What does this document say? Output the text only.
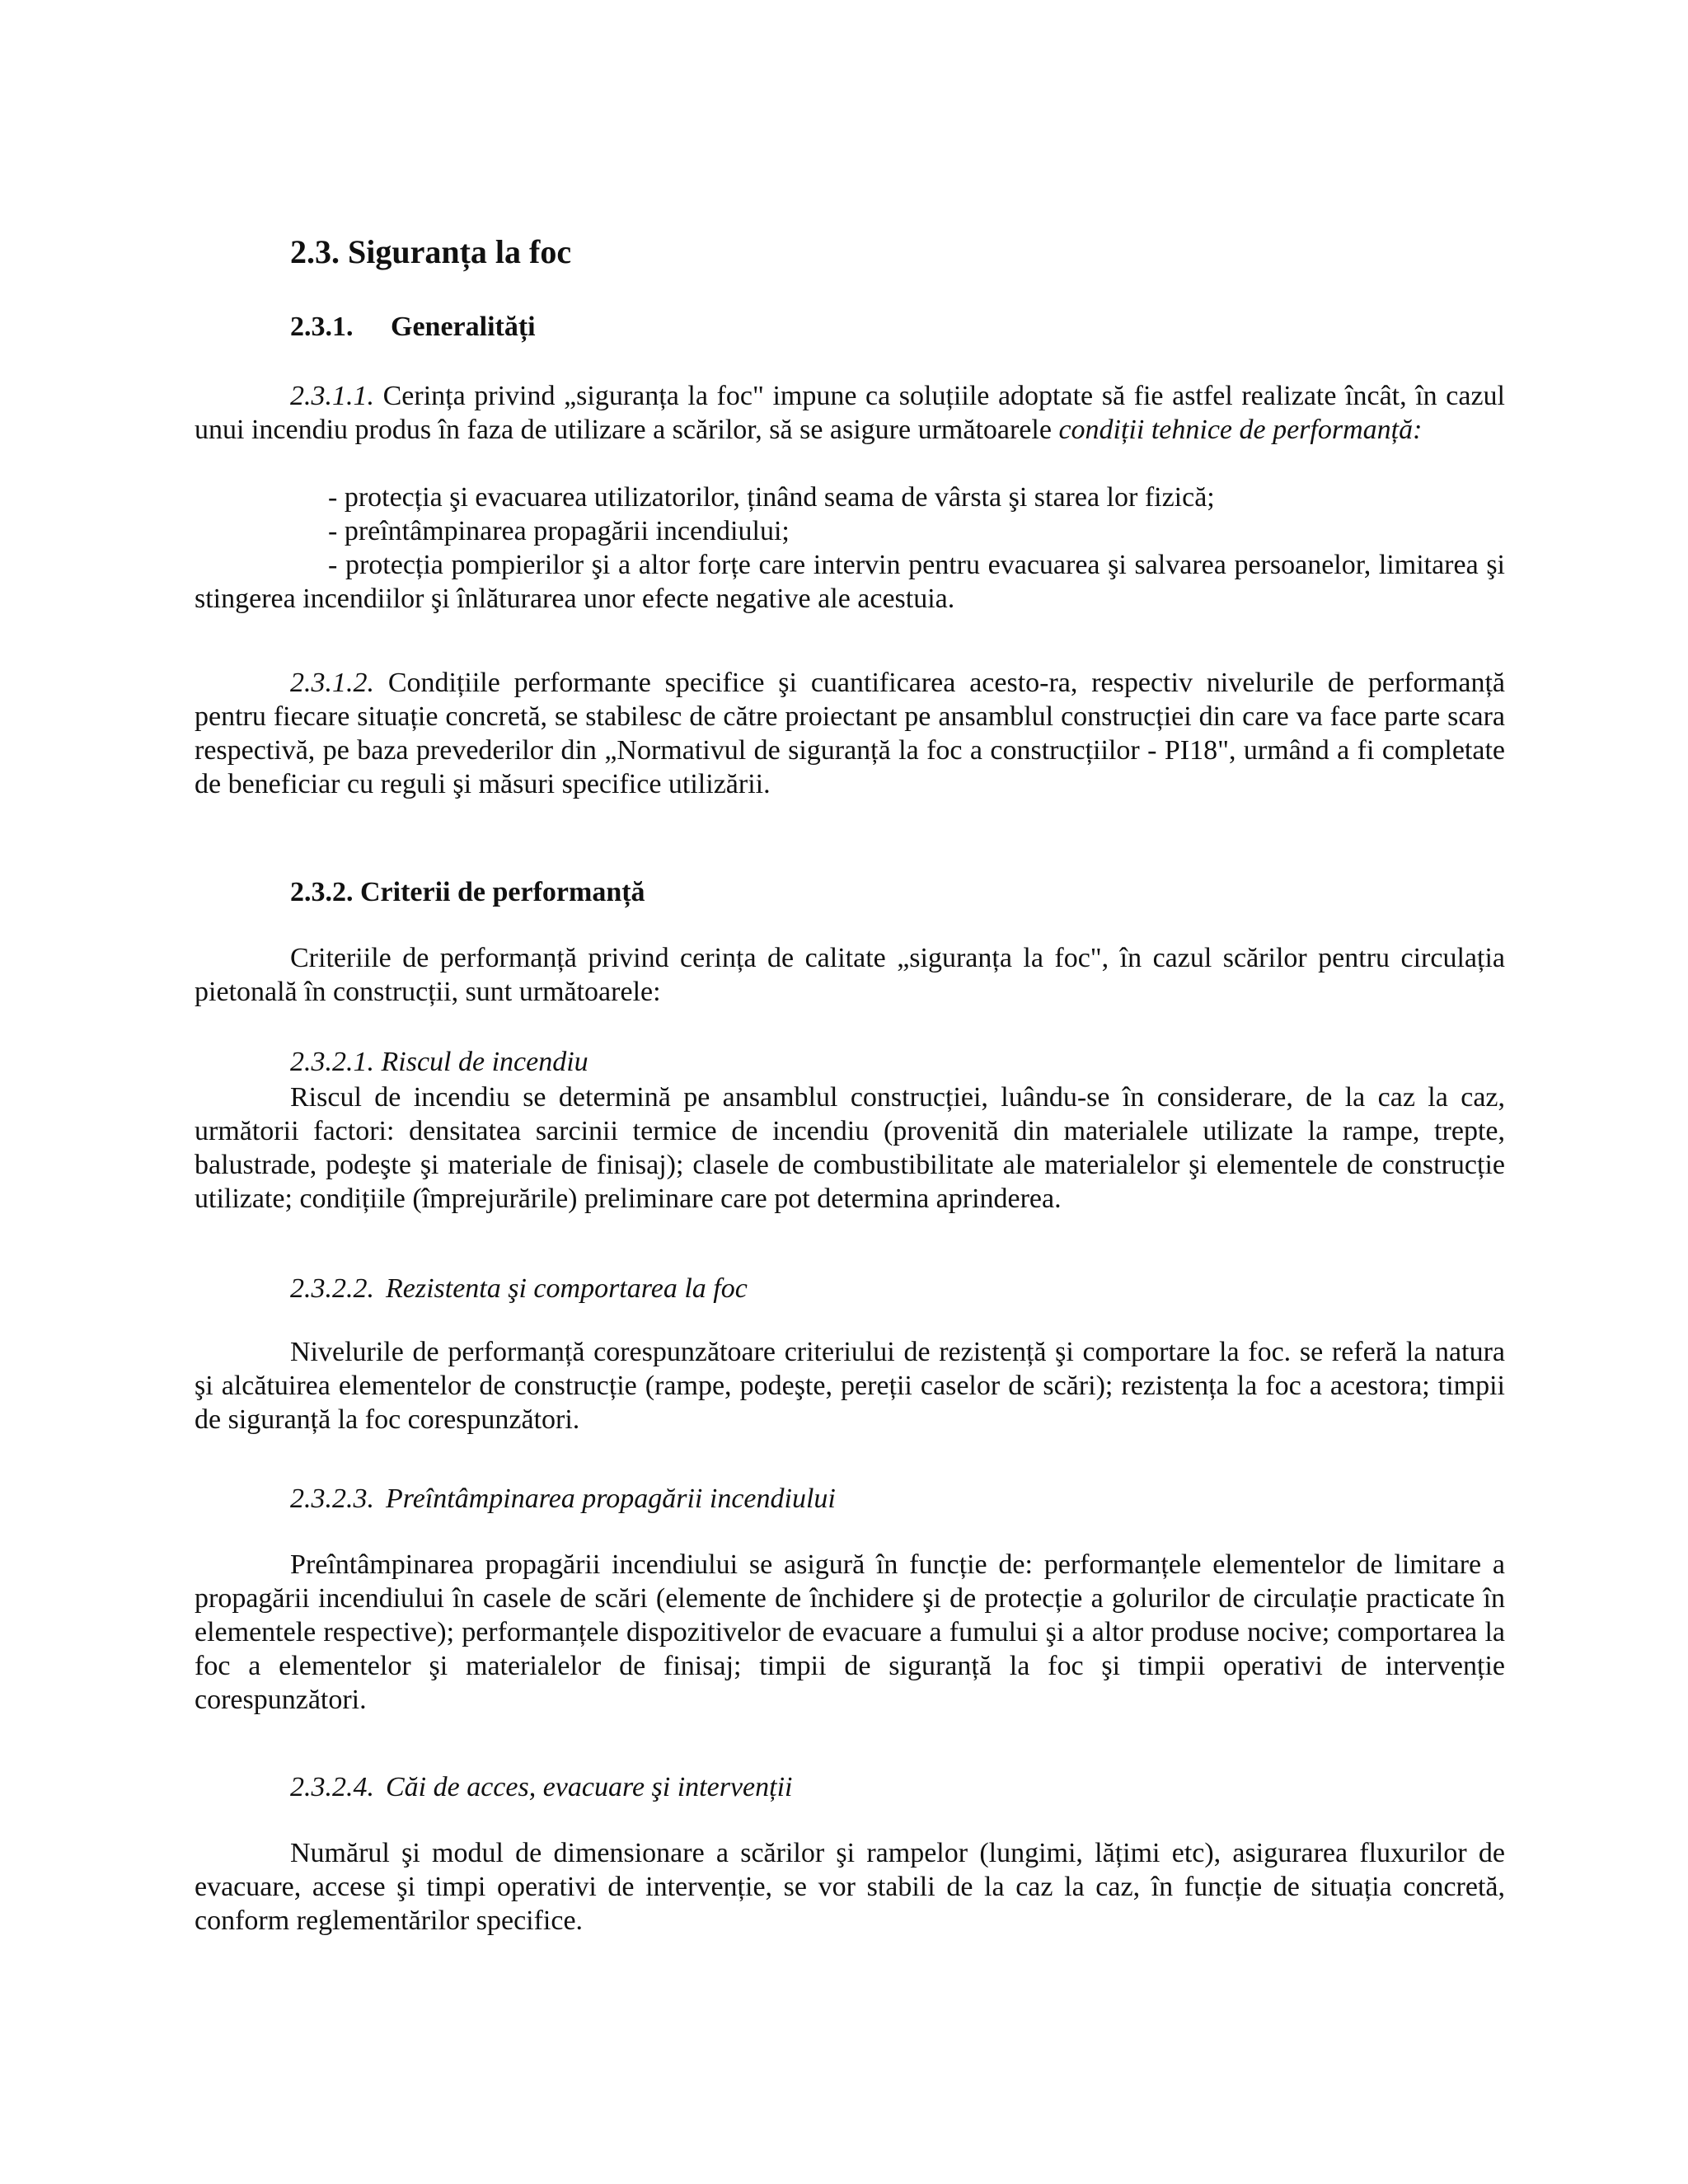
2.3. Siguranța la foc
2.3.1. Generalități

2.3.1.1. Cerința privind „siguranța la foc" impune ca soluțiile adoptate să fie astfel realizate încât, în cazul unui incendiu produs în faza de utilizare a scărilor, să se asigure următoarele condiții tehnice de performanță:

- protecția şi evacuarea utilizatorilor, ținând seama de vârsta şi starea lor fizică;
- preîntâmpinarea propagării incendiului;

- protecția pompierilor şi a altor forțe care intervin pentru evacuarea şi salvarea persoanelor, limitarea şi stingerea incendiilor şi înlăturarea unor efecte negative ale acestuia.

2.3.1.2. Condițiile performante specifice şi cuantificarea acesto-ra, respectiv nivelurile de performanță pentru fiecare situație concretă, se stabilesc de către proiectant pe ansamblul construcției din care va face parte scara respectivă, pe baza prevederilor din „Normativul de siguranță la foc a construcțiilor - PI18", urmând a fi completate de beneficiar cu reguli şi măsuri specifice utilizării.

2.3.2. Criterii de performanță

Criteriile de performanță privind cerința de calitate „siguranța la foc", în cazul scărilor pentru circulația pietonală în construcții, sunt următoarele:

2.3.2.1. Riscul de incendiu

Riscul de incendiu se determină pe ansamblul construcției, luându-se în considerare, de la caz la caz, următorii factori: densitatea sarcinii termice de incendiu (provenită din materialele utilizate la rampe, trepte, balustrade, podeşte şi materiale de finisaj); clasele de combustibilitate ale materialelor şi elementele de construcție utilizate; condițiile (împrejurările) preliminare care pot determina aprinderea.

2.3.2.2. Rezistenta şi comportarea la foc

Nivelurile de performanță corespunzătoare criteriului de rezistență şi comportare la foc. se referă la natura şi alcătuirea elementelor de construcție (rampe, podeşte, pereții caselor de scări); rezistența la foc a acestora; timpii de siguranță la foc corespunzători.

2.3.2.3. Preîntâmpinarea propagării incendiului

Preîntâmpinarea propagării incendiului se asigură în funcție de: performanțele elementelor de limitare a propagării incendiului în casele de scări (elemente de închidere şi de protecție a golurilor de circulație practicate în elementele respective); performanțele dispozitivelor de evacuare a fumului şi a altor produse nocive; comportarea la foc a elementelor şi materialelor de finisaj; timpii de siguranță la foc şi timpii operativi de intervenție corespunzători.

2.3.2.4. Căi de acces, evacuare şi intervenții

Numărul şi modul de dimensionare a scărilor şi rampelor (lungimi, lățimi etc), asigurarea fluxurilor de evacuare, accese şi timpi operativi de intervenție, se vor stabili de la caz la caz, în funcție de situația concretă, conform reglementărilor specifice.
